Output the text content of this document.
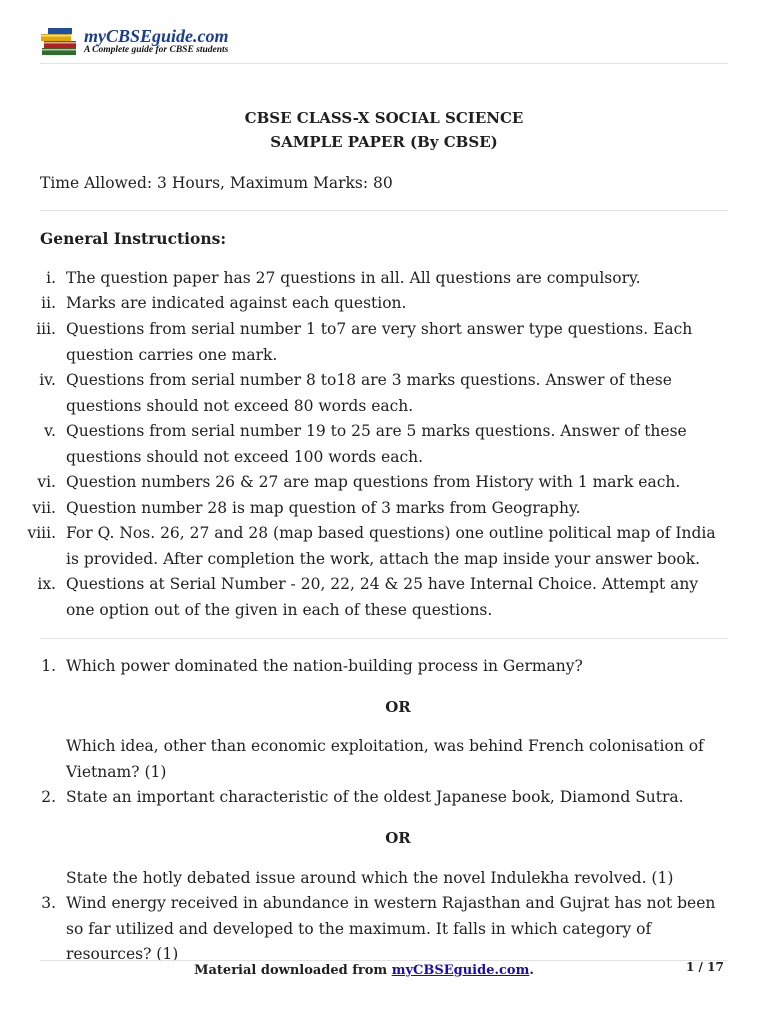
myCBSEguide.com
A Complete guide for CBSE students
CBSE CLASS-X SOCIAL SCIENCE
SAMPLE PAPER (By CBSE)
Time Allowed: 3 Hours, Maximum Marks: 80
General Instructions:
i. The question paper has 27 questions in all. All questions are compulsory.
ii. Marks are indicated against each question.
iii. Questions from serial number 1 to7 are very short answer type questions. Each question carries one mark.
iv. Questions from serial number 8 to18 are 3 marks questions. Answer of these questions should not exceed 80 words each.
v. Questions from serial number 19 to 25 are 5 marks questions. Answer of these questions should not exceed 100 words each.
vi. Question numbers 26 & 27 are map questions from History with 1 mark each.
vii. Question number 28 is map question of 3 marks from Geography.
viii. For Q. Nos. 26, 27 and 28 (map based questions) one outline political map of India is provided. After completion the work, attach the map inside your answer book.
ix. Questions at Serial Number - 20, 22, 24 & 25 have Internal Choice. Attempt any one option out of the given in each of these questions.
1. Which power dominated the nation-building process in Germany?
OR
Which idea, other than economic exploitation, was behind French colonisation of Vietnam? (1)
2. State an important characteristic of the oldest Japanese book, Diamond Sutra.
OR
State the hotly debated issue around which the novel Indulekha revolved. (1)
3. Wind energy received in abundance in western Rajasthan and Gujrat has not been so far utilized and developed to the maximum. It falls in which category of resources? (1)
Material downloaded from myCBSEguide.com.	1 / 17
